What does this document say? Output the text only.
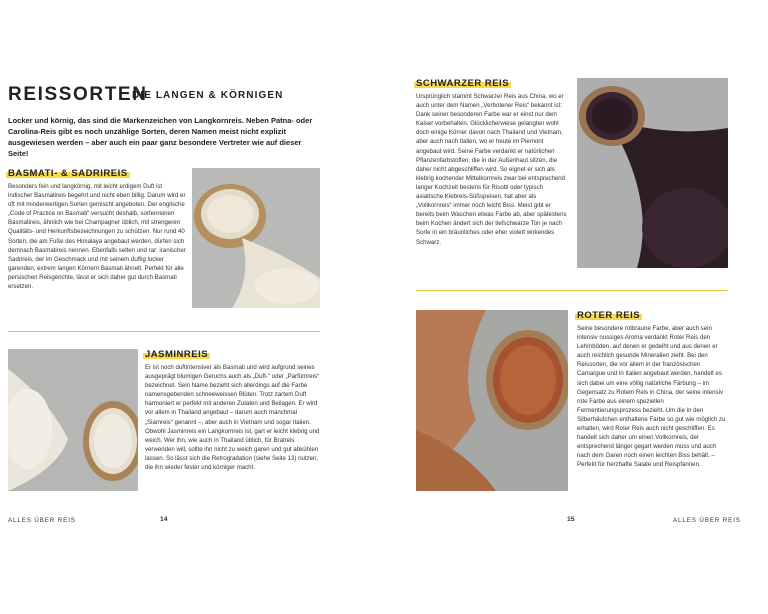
REISSORTEN
DIE LANGEN & KÖRNIGEN
Locker und körnig, das sind die Markenzeichen von Langkornreis. Neben Patna- oder Carolina-Reis gibt es noch unzählige Sorten, deren Namen meist nicht explizit ausgewiesen werden – aber auch ein paar ganz besondere Vertreter wie auf dieser Seite!
BASMATI- & SADRIREIS
Besonders fein und langkörnig, mit leicht erdigem Duft ist indischer Basmatireis begehrt und nicht eben billig. Darum wird er oft mit minderwertigen Sorten gemischt angeboten. Der englische „Code of Practice on Basmati“ versucht deshalb, sortenreinen Basmatireis, ähnlich wie bei Champagner üblich, mit strengeren Qualitäts- und Herkunftsbezeichnungen zu schützen. Nur rund 40 Sorten, die am Fuße des Himalaya angebaut werden, dürfen sich demnach Basmatireis nennen. Ebenfalls selten und rar: iranischer Sadrireis, der im Geschmack und mit seinem duftig locker garenden, extrem langen Körnern Basmati ähnelt. Perfekt für alle persischen Reisgerichte, lässt er sich daher gut durch Basmati ersetzen.
JASMINREIS
Er ist noch duftintensiver als Basmati und wird aufgrund seines ausgeprägt blumigen Geruchs auch als „Duft-“ oder „Parfümreis“ bezeichnet. Sein Name bezieht sich allerdings auf die Farbe namensgebenden schneeweissen Blüten. Trotz zartem Duft harmoniert er perfekt mit anderen Zutaten und Beilagen. Er wird vor allem in Thailand angebaut – darum auch manchmal „Siamreis“ genannt –, aber auch in Vietnam und sogar Italien. Obwohl Jasminreis ein Langkornreis ist, gart er leicht klebrig und weich. Wer ihn, wie auch in Thailand üblich, für Bratreis verwenden will, sollte ihn nicht zu weich garen und gut abkühlen lassen. So lässt sich die Retrogradation (siehe Seite 13) nutzen, die ihn wieder fester und körniger macht.
ALLES ÜBER REIS	14
SCHWARZER REIS
Ursprünglich stammt Schwarzer Reis aus China, wo er auch unter dem Namen „Verbotener Reis“ bekannt ist: Dank seiner besonderen Farbe war er einst nur dem Kaiser vorbehalten. Glücklicherweise gelangten wohl doch einige Körner davon nach Thailand und Vietnam, aber auch nach Italien, wo er heute im Piemont angebaut wird. Seine Farbe verdankt er natürlichen Pflanzenfarbstoffen, die in der Außenhaut sitzen, die daher nicht abgeschliffen wird. So eignet er sich als klebrig kochender Mittelkornreis zwar bei entsprechend langer Kochzeit bestens für Risotti oder typisch asiatische Klebreis-Süßspeisen, hat aber als „Vollkornreis“ immer noch leicht Biss. Meist gibt er bereits beim Waschen etwas Farbe ab, aber spätestens beim Kochen ändert sich der tiefschwarze Ton je nach Sorte in ein bräunliches oder eher violett wirkendes Schwarz.
ROTER REIS
Seine besondere rotbraune Farbe, aber auch sein intensiv nussiges Aroma verdankt Roter Reis den Lehmböden, auf denen er gedeiht und aus denen er auch reichlich gesunde Mineralien zieht. Bei den Reissorten, die vor allem in der französischen Camargue und in Italien angebaut werden, handelt es sich dabei um eine völlig natürliche Färbung – im Gegensatz zu Rotem Reis in China, der seine intensiv rote Farbe aus einem speziellen Fermentierungsprozess bezieht. Um die in den Silberhäutchen enthaltene Farbe so gut wie möglich zu erhalten, wird Roter Reis auch nicht geschliffen. Es handelt sich daher um einen Vollkornreis, der entsprechend länger gegart werden muss und auch nach dem Garen noch einen leichten Biss behält. – Perfekt für herzhafte Salate und Reispfannen.
15	ALLES ÜBER REIS
